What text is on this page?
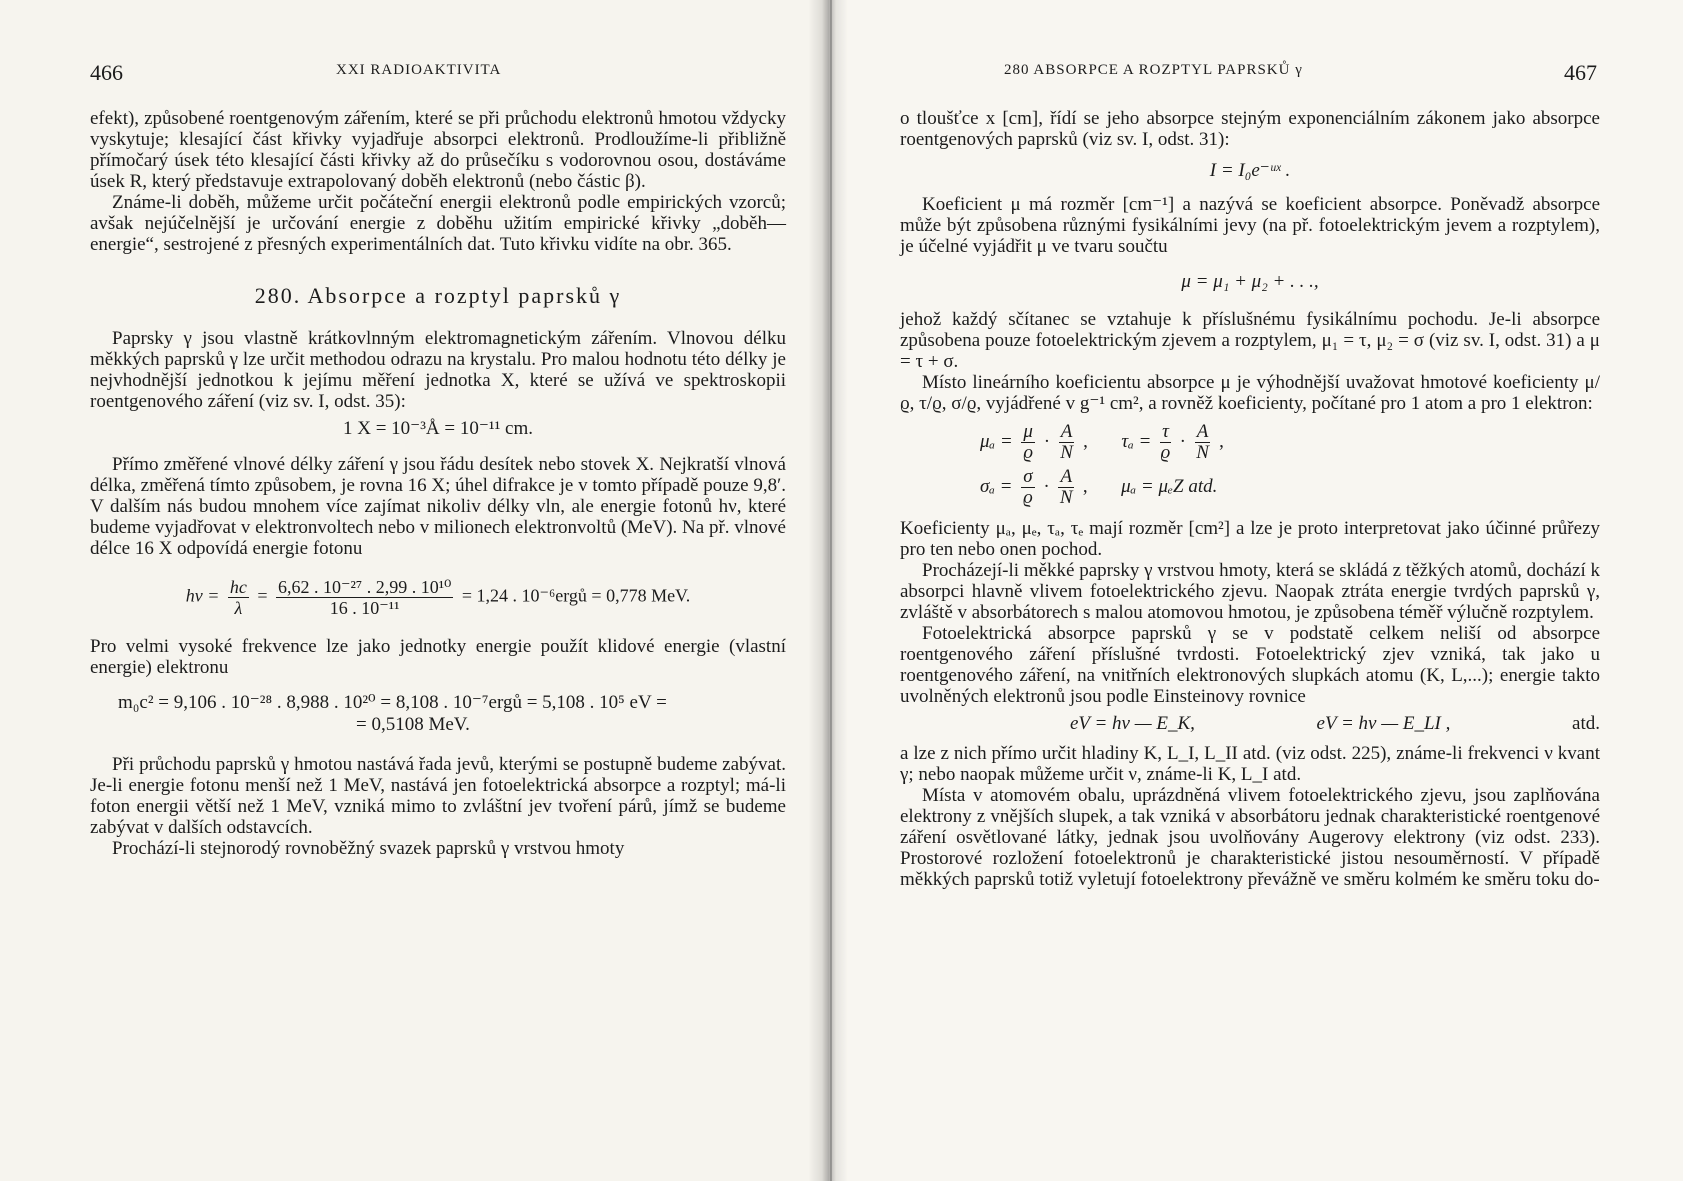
466	XXI RADIOAKTIVITA

efekt), způsobené roentgenovým zářením, které se při průchodu elektronů hmotou vždycky vyskytuje; klesající část křivky vyjadřuje absorpci elektronů. Prodloužíme-li přibližně přímočarý úsek této klesající části křivky až do průsečíku s vodorovnou osou, dostáváme úsek R, který představuje extrapolovaný doběh elektronů (nebo částic β).

Známe-li doběh, můžeme určit počáteční energii elektronů podle empirických vzorců; avšak nejúčelnější je určování energie z doběhu užitím empirické křivky „doběh—energie“, sestrojené z přesných experimentálních dat. Tuto křivku vidíte na obr. 365.

280. Absorpce a rozptyl paprsků γ

Paprsky γ jsou vlastně krátkovlnným elektromagnetickým zářením. Vlnovou délku měkkých paprsků γ lze určit methodou odrazu na krystalu. Pro malou hodnotu této délky je nejvhodnější jednotkou k jejímu měření jednotka X, které se užívá ve spektroskopii roentgenového záření (viz sv. I, odst. 35):

1 X = 10⁻³Å = 10⁻¹¹ cm.

Přímo změřené vlnové délky záření γ jsou řádu desítek nebo stovek X. Nejkratší vlnová délka, změřená tímto způsobem, je rovna 16 X; úhel difrakce je v tomto případě pouze 9,8′. V dalším nás budou mnohem více zajímat nikoliv délky vln, ale energie fotonů hν, které budeme vyjadřovat v elektronvoltech nebo v milionech elektronvoltů (MeV). Na př. vlnové délce 16 X odpovídá energie fotonu

$h\nu = \frac{hc}{\lambda} = \frac{\text{6,62 . 10⁻²⁷ . 2,99 . 10¹⁰}}{\text{16 . 10⁻¹¹}} = 1,24$ . 10⁻⁶ergů = 0,778 MeV.

Pro velmi vysoké frekvence lze jako jednotky energie použít klidové energie (vlastní energie) elektronu

m₀c² = 9,106 . 10⁻²⁸ . 8,988 . 10²⁰ = 8,108 . 10⁻⁷ergů = 5,108 . 10⁵ eV =
= 0,5108 MeV.

Při průchodu paprsků γ hmotou nastává řada jevů, kterými se postupně budeme zabývat. Je-li energie fotonu menší než 1 MeV, nastává jen fotoelektrická absorpce a rozptyl; má-li foton energii větší než 1 MeV, vzniká mimo to zvláštní jev tvoření párů, jímž se budeme zabývat v dalších odstavcích.

Prochází-li stejnorodý rovnoběžný svazek paprsků γ vrstvou hmoty

280 ABSORPCE A ROZPTYL PAPRSKŮ γ	467

o tloušťce x [cm], řídí se jeho absorpce stejným exponenciálním zákonem jako absorpce roentgenových paprsků (viz sv. I, odst. 31):

I = I₀e⁻ᵘˣ .

Koeficient μ má rozměr [cm⁻¹] a nazývá se koeficient absorpce. Poněvadž absorpce může být způsobena různými fysikálními jevy (na př. fotoelektrickým jevem a rozptylem), je účelné vyjádřit μ ve tvaru součtu

μ = μ₁ + μ₂ + . . .,

jehož každý sčítanec se vztahuje k příslušnému fysikálnímu pochodu. Je-li absorpce způsobena pouze fotoelektrickým zjevem a rozptylem, μ₁ = τ, μ₂ = σ (viz sv. I, odst. 31) a μ = τ + σ.

Místo lineárního koeficientu absorpce μ je výhodnější uvažovat hmotové koeficienty μ/ϱ, τ/ϱ, σ/ϱ, vyjádřené v g⁻¹ cm², a rovněž koeficienty, počítané pro 1 atom a pro 1 elektron:

$\mu_a = \frac{\mu}{ϱ} \cdot \frac{A}{N}$ , $\tau_a = \frac{\tau}{ϱ} \cdot \frac{A}{N}$ ,
$\sigma_a = \frac{\sigma}{ϱ} \cdot \frac{A}{N}$ , μₐ = μₑZ atd.

Koeficienty μₐ, μₑ, τₐ, τₑ mají rozměr [cm²] a lze je proto interpretovat jako účinné průřezy pro ten nebo onen pochod.

Procházejí-li měkké paprsky γ vrstvou hmoty, která se skládá z těžkých atomů, dochází k absorpci hlavně vlivem fotoelektrického zjevu. Naopak ztráta energie tvrdých paprsků γ, zvláště v absorbátorech s malou atomovou hmotou, je způsobena téměř výlučně rozptylem.

Fotoelektrická absorpce paprsků γ se v podstatě celkem neliší od absorpce roentgenového záření příslušné tvrdosti. Fotoelektrický zjev vzniká, tak jako u roentgenového záření, na vnitřních elektronových slupkách atomu (K, L,...); energie takto uvolněných elektronů jsou podle Einsteinovy rovnice

eV = hν — E_K,	eV = hν — E_LI ,	atd.

a lze z nich přímo určit hladiny K, L_I, L_II atd. (viz odst. 225), známe-li frekvenci ν kvant γ; nebo naopak můžeme určit ν, známe-li K, L_I atd.

Místa v atomovém obalu, uprázdněná vlivem fotoelektrického zjevu, jsou zaplňována elektrony z vnějších slupek, a tak vzniká v absorbátoru jednak charakteristické roentgenové záření osvětlované látky, jednak jsou uvolňovány Augerovy elektrony (viz odst. 233). Prostorové rozložení fotoelektronů je charakteristické jistou nesouměrností. V případě měkkých paprsků totiž vyletují fotoelektrony převážně ve směru kolmém ke směru toku do-
